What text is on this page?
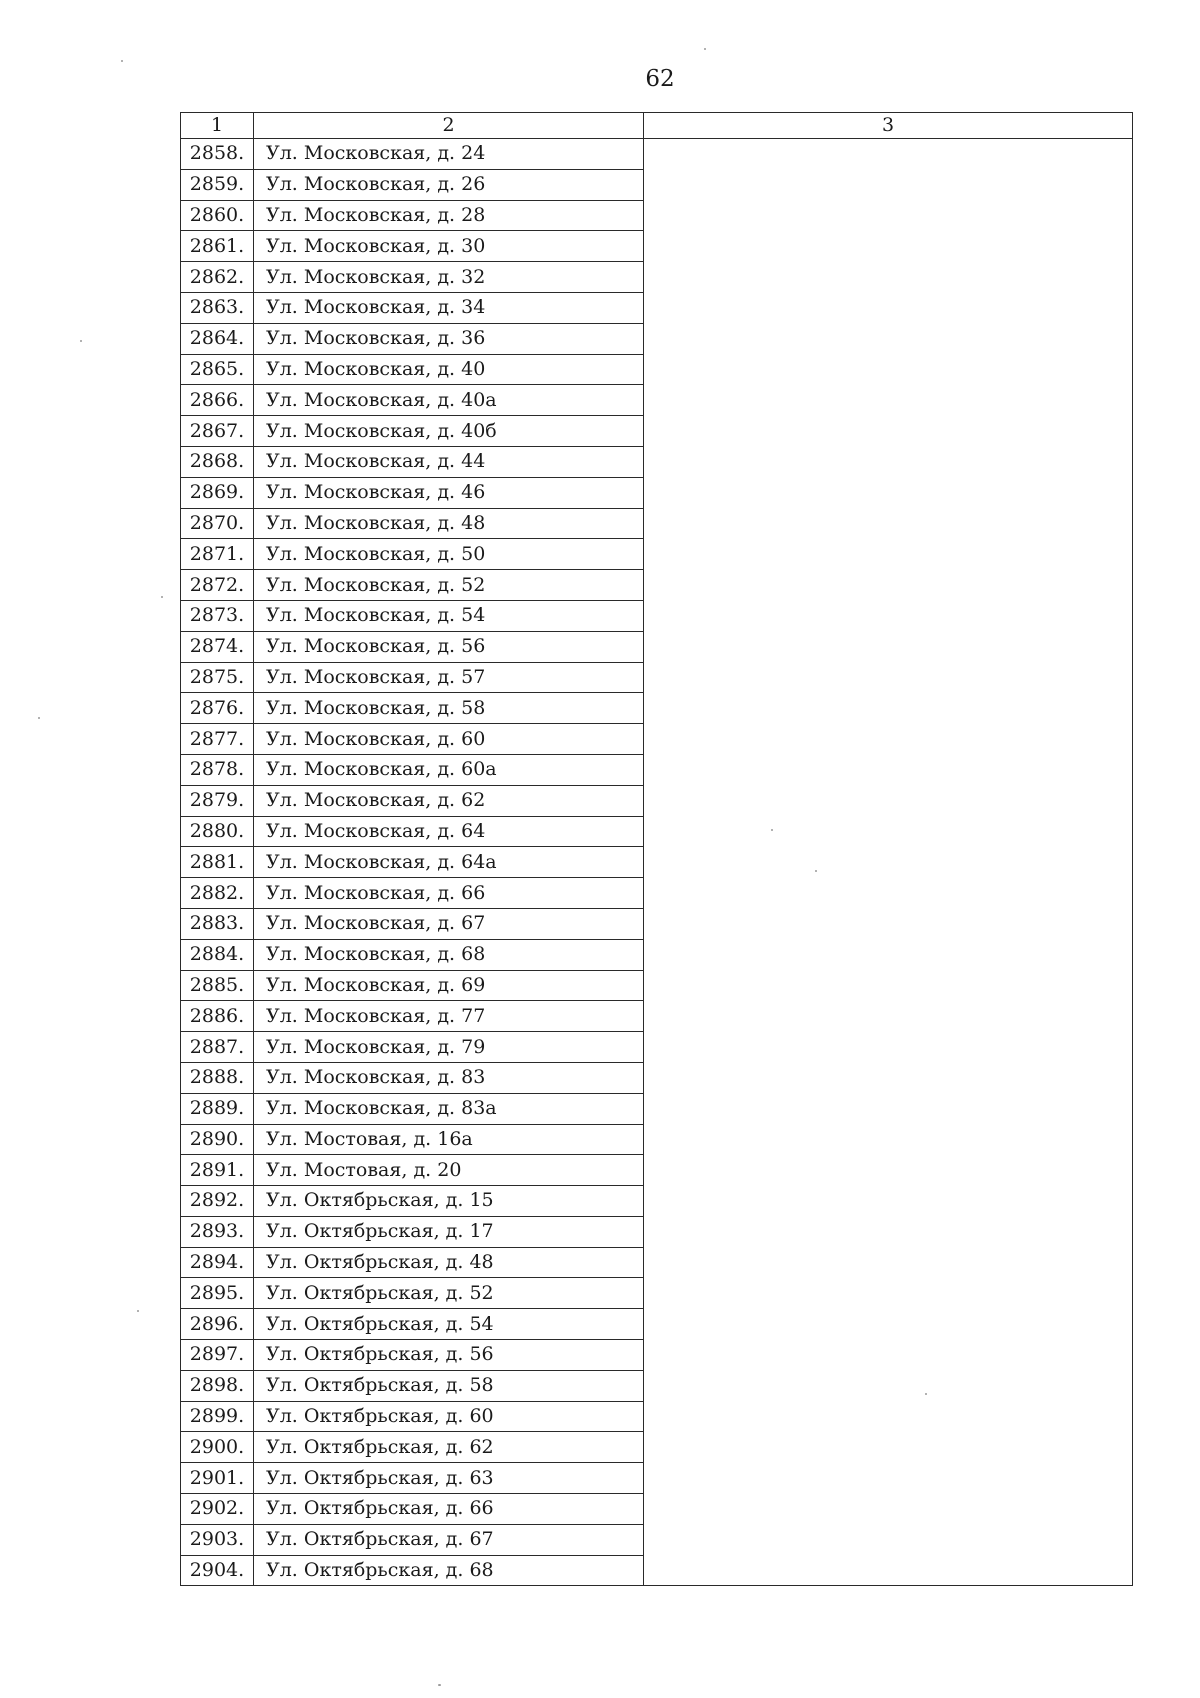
62
1	2	3
2858.	Ул. Московская, д. 24	
2859.	Ул. Московская, д. 26	
2860.	Ул. Московская, д. 28	
2861.	Ул. Московская, д. 30	
2862.	Ул. Московская, д. 32	
2863.	Ул. Московская, д. 34	
2864.	Ул. Московская, д. 36	
2865.	Ул. Московская, д. 40	
2866.	Ул. Московская, д. 40а	
2867.	Ул. Московская, д. 40б	
2868.	Ул. Московская, д. 44	
2869.	Ул. Московская, д. 46	
2870.	Ул. Московская, д. 48	
2871.	Ул. Московская, д. 50	
2872.	Ул. Московская, д. 52	
2873.	Ул. Московская, д. 54	
2874.	Ул. Московская, д. 56	
2875.	Ул. Московская, д. 57	
2876.	Ул. Московская, д. 58	
2877.	Ул. Московская, д. 60	
2878.	Ул. Московская, д. 60а	
2879.	Ул. Московская, д. 62	
2880.	Ул. Московская, д. 64	
2881.	Ул. Московская, д. 64а	
2882.	Ул. Московская, д. 66	
2883.	Ул. Московская, д. 67	
2884.	Ул. Московская, д. 68	
2885.	Ул. Московская, д. 69	
2886.	Ул. Московская, д. 77	
2887.	Ул. Московская, д. 79	
2888.	Ул. Московская, д. 83	
2889.	Ул. Московская, д. 83а	
2890.	Ул. Мостовая, д. 16а	
2891.	Ул. Мостовая, д. 20	
2892.	Ул. Октябрьская, д. 15	
2893.	Ул. Октябрьская, д. 17	
2894.	Ул. Октябрьская, д. 48	
2895.	Ул. Октябрьская, д. 52	
2896.	Ул. Октябрьская, д. 54	
2897.	Ул. Октябрьская, д. 56	
2898.	Ул. Октябрьская, д. 58	
2899.	Ул. Октябрьская, д. 60	
2900.	Ул. Октябрьская, д. 62	
2901.	Ул. Октябрьская, д. 63	
2902.	Ул. Октябрьская, д. 66	
2903.	Ул. Октябрьская, д. 67	
2904.	Ул. Октябрьская, д. 68	
